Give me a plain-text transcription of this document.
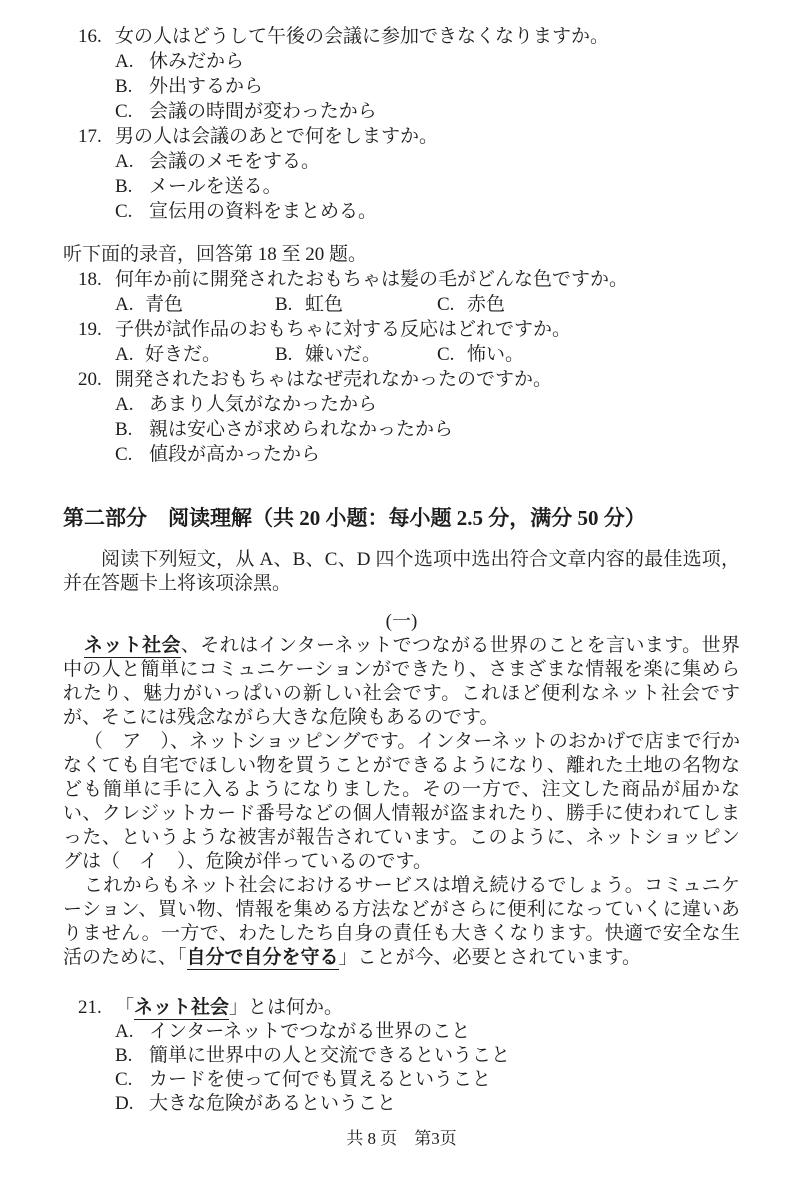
16. 女の人はどうして午後の会議に参加できなくなりますか。
A. 休みだから
B. 外出するから
C. 会議の時間が変わったから
17. 男の人は会議のあとで何をしますか。
A. 会議のメモをする。
B. メールを送る。
C. 宣伝用の資料をまとめる。
听下面的录音，回答第 18 至 20 题。
18. 何年か前に開発されたおもちゃは髪の毛がどんな色ですか。
A. 青色	B. 虹色	C. 赤色
19. 子供が試作品のおもちゃに対する反応はどれですか。
A. 好きだ。	B. 嫌いだ。	C. 怖い。
20. 開発されたおもちゃはなぜ売れなかったのですか。
A. あまり人気がなかったから
B. 親は安心さが求められなかったから
C. 値段が高かったから
第二部分　阅读理解（共 20 小题：每小题 2.5 分，满分 50 分）
阅读下列短文，从 A、B、C、D 四个选项中选出符合文章内容的最佳选项，并在答题卡上将该项涂黑。
(一)

ネット社会、それはインターネットでつながる世界のことを言います。世界中の人と簡単にコミュニケーションができたり、さまざまな情報を楽に集められたり、魅力がいっぱいの新しい社会です。これほど便利なネット社会ですが、そこには残念ながら大きな危険もあるのです。

（　ア　）、ネットショッピングです。インターネットのおかげで店まで行かなくても自宅でほしい物を買うことができるようになり、離れた土地の名物なども簡単に手に入るようになりました。その一方で、注文した商品が届かない、クレジットカード番号などの個人情報が盗まれたり、勝手に使われてしまった、というような被害が報告されています。このように、ネットショッピングは（　イ　）、危険が伴っているのです。

これからもネット社会におけるサービスは増え続けるでしょう。コミュニケーション、買い物、情報を集める方法などがさらに便利になっていくに違いありません。一方で、わたしたち自身の責任も大きくなります。快適で安全な生活のために、「自分で自分を守る」ことが今、必要とされています。

21. 「ネット社会」とは何か。
A. インターネットでつながる世界のこと
B. 簡単に世界中の人と交流できるということ
C. カードを使って何でも買えるということ
D. 大きな危険があるということ
共 8 页　第3页
